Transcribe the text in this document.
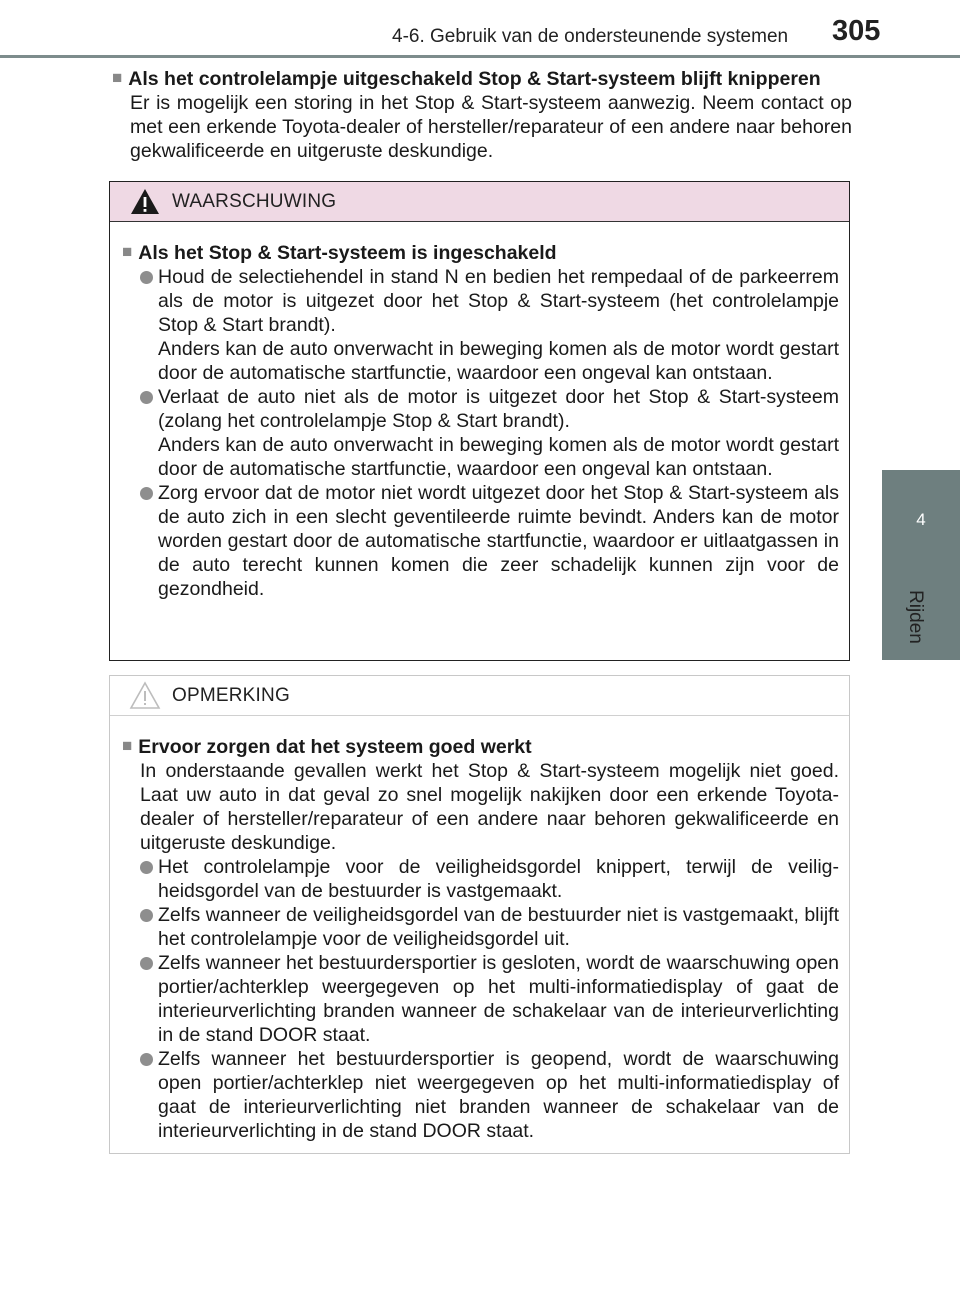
4-6. Gebruik van de ondersteunende systemen 305
4
Rijden
■ Als het controlelampje uitgeschakeld Stop & Start-systeem blijft knipperen
Er is mogelijk een storing in het Stop & Start-systeem aanwezig. Neem contact op met een erkende Toyota-dealer of hersteller/reparateur of een andere naar behoren gekwalificeerde en uitgeruste deskundige.
WAARSCHUWING
■ Als het Stop & Start-systeem is ingeschakeld

Houd de selectiehendel in stand N en bedien het rempedaal of de parkeerrem als de motor is uitgezet door het Stop & Start-systeem (het controlelampje Stop & Start brandt).

Anders kan de auto onverwacht in beweging komen als de motor wordt gestart door de automatische startfunctie, waardoor een ongeval kan ontstaan.

Verlaat de auto niet als de motor is uitgezet door het Stop & Start-systeem (zolang het controlelampje Stop & Start brandt).

Anders kan de auto onverwacht in beweging komen als de motor wordt gestart door de automatische startfunctie, waardoor een ongeval kan ontstaan.

Zorg ervoor dat de motor niet wordt uitgezet door het Stop & Start-systeem als de auto zich in een slecht geventileerde ruimte bevindt. Anders kan de motor worden gestart door de automatische startfunctie, waardoor er uitlaatgassen in de auto terecht kunnen komen die zeer schadelijk kunnen zijn voor de gezondheid.

OPMERKING
■ Ervoor zorgen dat het systeem goed werkt
In onderstaande gevallen werkt het Stop & Start-systeem mogelijk niet goed. Laat uw auto in dat geval zo snel mogelijk nakijken door een erkende Toyota-dealer of hersteller/reparateur of een andere naar behoren gekwalificeerde en uitgeruste deskundige.

Het controlelampje voor de veiligheidsgordel knippert, terwijl de veiligheidsgordel van de bestuurder is vastgemaakt.

Zelfs wanneer de veiligheidsgordel van de bestuurder niet is vastgemaakt, blijft het controlelampje voor de veiligheidsgordel uit.

Zelfs wanneer het bestuurdersportier is gesloten, wordt de waarschuwing open portier/achterklep weergegeven op het multi-informatiedisplay of gaat de interieurverlichting branden wanneer de schakelaar van de interieurverlichting in de stand DOOR staat.

Zelfs wanneer het bestuurdersportier is geopend, wordt de waarschuwing open portier/achterklep niet weergegeven op het multi-informatiedisplay of gaat de interieurverlichting niet branden wanneer de schakelaar van de interieurverlichting in de stand DOOR staat.
